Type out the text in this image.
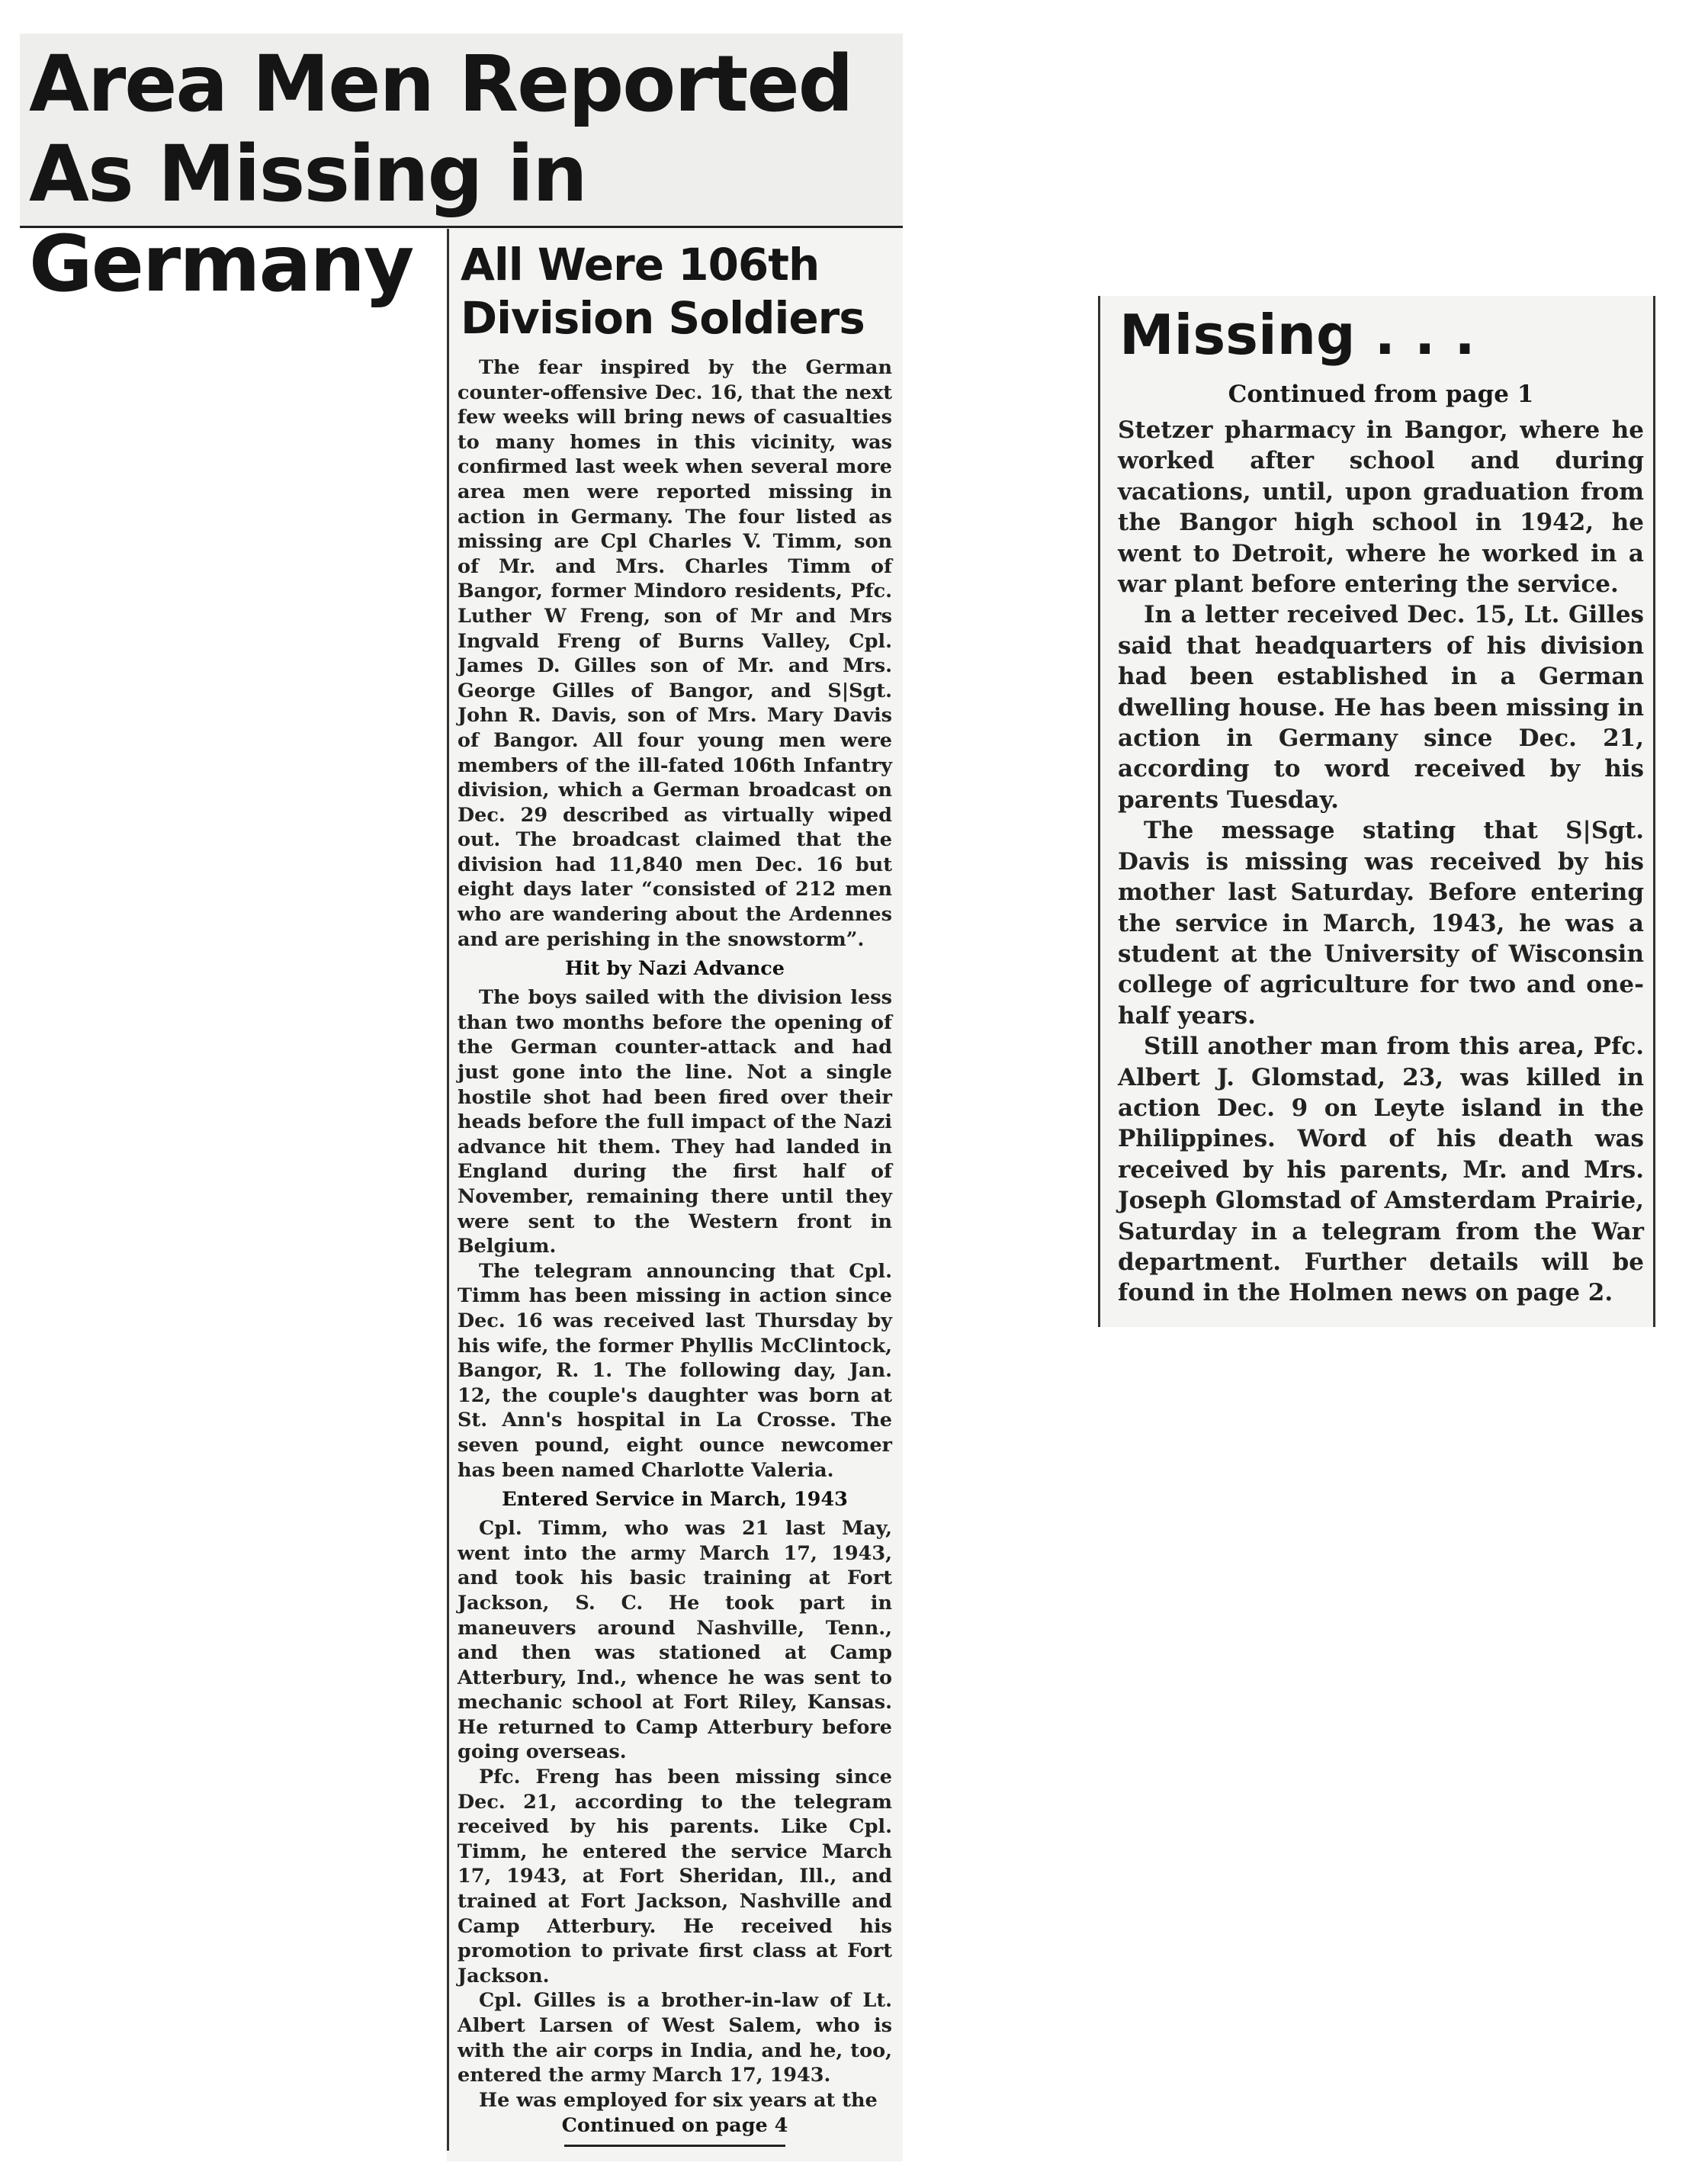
Area Men Reported As Missing in Germany	All Were 106th Division Soldiers

The fear inspired by the German counter-offensive Dec. 16, that the next few weeks will bring news of casualties to many homes in this vicinity, was confirmed last week when several more area men were reported missing in action in Germany. The four listed as missing are Cpl Charles V. Timm, son of Mr. and Mrs. Charles Timm of Bangor, former Mindoro residents, Pfc. Luther W Freng, son of Mr and Mrs Ingvald Freng of Burns Valley, Cpl. James D. Gilles son of Mr. and Mrs. George Gilles of Bangor, and S|Sgt. John R. Davis, son of Mrs. Mary Davis of Bangor. All four young men were members of the ill-fated 106th Infantry division, which a German broadcast on Dec. 29 described as virtually wiped out. The broadcast claimed that the division had 11,840 men Dec. 16 but eight days later “consisted of 212 men who are wandering about the Ardennes and are perishing in the snowstorm”.

Hit by Nazi Advance

The boys sailed with the division less than two months before the opening of the German counter-attack and had just gone into the line. Not a single hostile shot had been fired over their heads before the full impact of the Nazi advance hit them. They had landed in England during the first half of November, remaining there until they were sent to the Western front in Belgium.

The telegram announcing that Cpl. Timm has been missing in action since Dec. 16 was received last Thursday by his wife, the former Phyllis McClintock, Bangor, R. 1. The following day, Jan. 12, the couple's daughter was born at St. Ann's hospital in La Crosse. The seven pound, eight ounce newcomer has been named Charlotte Valeria.

Entered Service in March, 1943

Cpl. Timm, who was 21 last May, went into the army March 17, 1943, and took his basic training at Fort Jackson, S. C. He took part in maneuvers around Nashville, Tenn., and then was stationed at Camp Atterbury, Ind., whence he was sent to mechanic school at Fort Riley, Kansas. He returned to Camp Atterbury before going overseas.

Pfc. Freng has been missing since Dec. 21, according to the telegram received by his parents. Like Cpl. Timm, he entered the service March 17, 1943, at Fort Sheridan, Ill., and trained at Fort Jackson, Nashville and Camp Atterbury. He received his promotion to private first class at Fort Jackson.

Cpl. Gilles is a brother-in-law of Lt. Albert Larsen of West Salem, who is with the air corps in India, and he, too, entered the army March 17, 1943.

He was employed for six years at the

Continued on page 4
Missing . . .
Continued from page 1

Stetzer pharmacy in Bangor, where he worked after school and during vacations, until, upon graduation from the Bangor high school in 1942, he went to Detroit, where he worked in a war plant before entering the service.

In a letter received Dec. 15, Lt. Gilles said that headquarters of his division had been established in a German dwelling house. He has been missing in action in Germany since Dec. 21, according to word received by his parents Tuesday.

The message stating that S|Sgt. Davis is missing was received by his mother last Saturday. Before entering the service in March, 1943, he was a student at the University of Wisconsin college of agriculture for two and one-half years.

Still another man from this area, Pfc. Albert J. Glomstad, 23, was killed in action Dec. 9 on Leyte island in the Philippines. Word of his death was received by his parents, Mr. and Mrs. Joseph Glomstad of Amsterdam Prairie, Saturday in a telegram from the War department. Further details will be found in the Holmen news on page 2.
